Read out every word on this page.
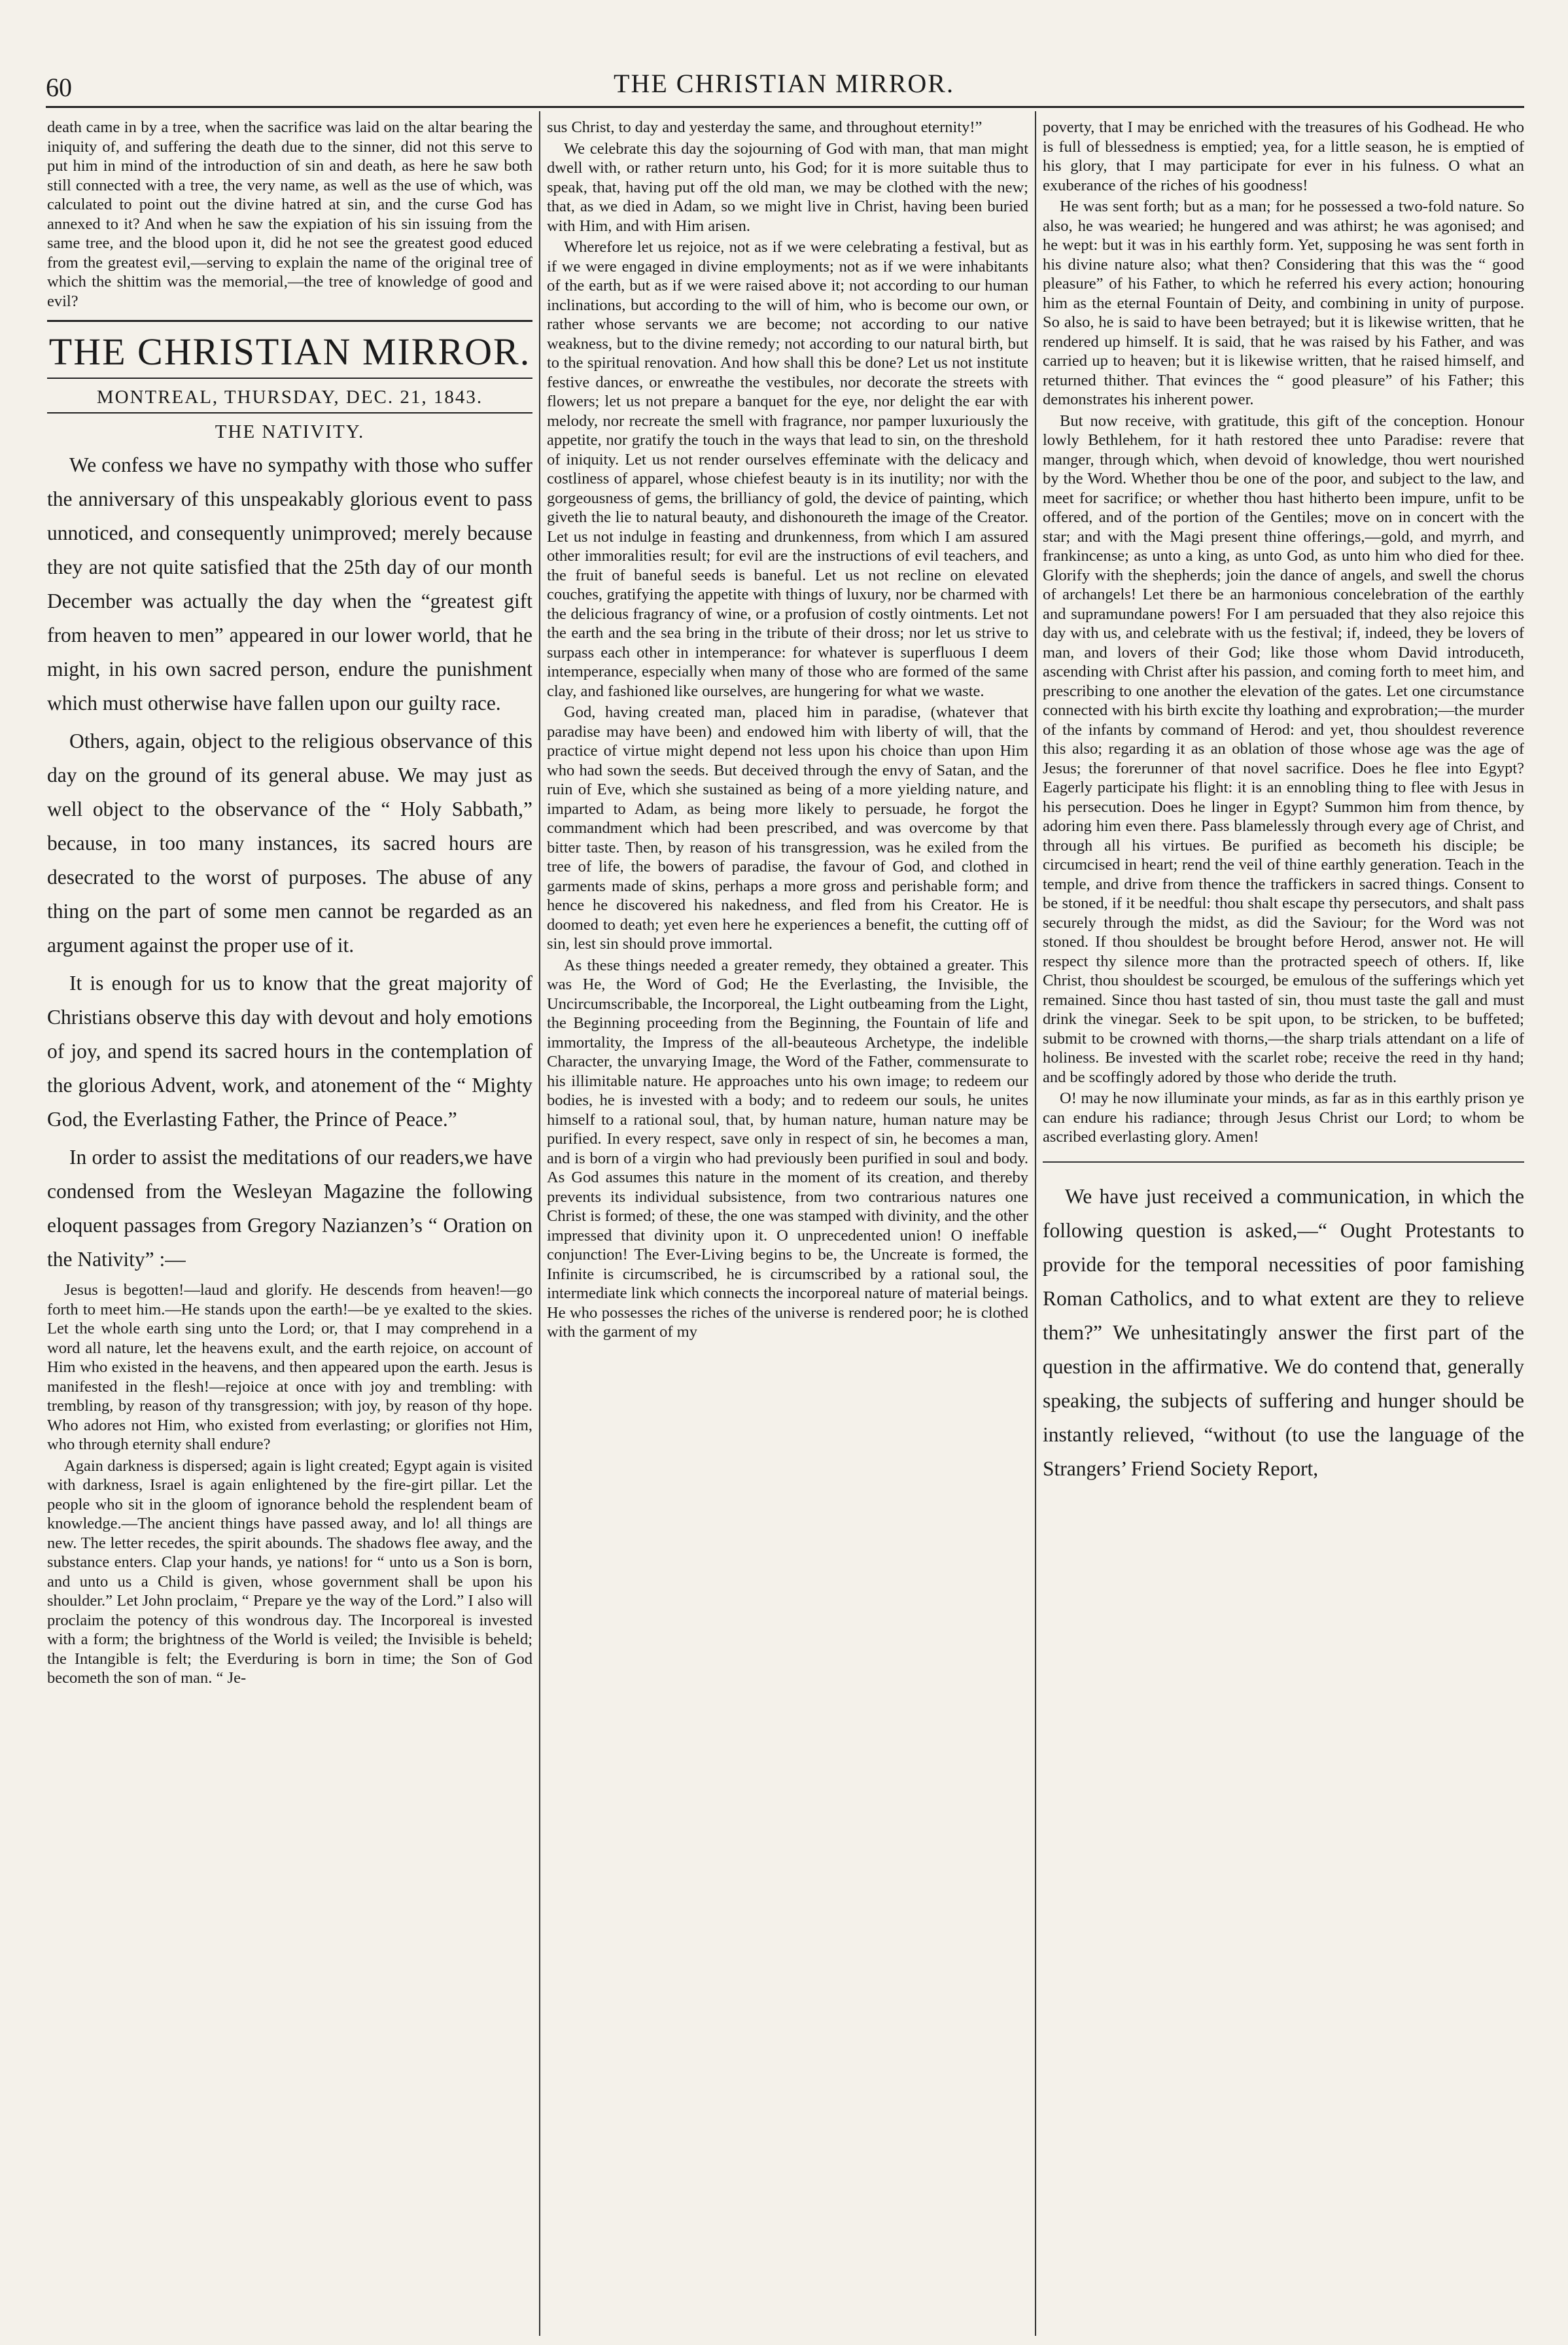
60	THE CHRISTIAN MIRROR.

death came in by a tree, when the sacrifice was laid on the altar bearing the iniquity of, and suffering the death due to the sinner, did not this serve to put him in mind of the introduction of sin and death, as here he saw both still connected with a tree, the very name, as well as the use of which, was calculated to point out the divine hatred at sin, and the curse God has annexed to it? And when he saw the expiation of his sin issuing from the same tree, and the blood upon it, did he not see the greatest good educed from the greatest evil,—serving to explain the name of the original tree of which the shittim was the memorial,—the tree of knowledge of good and evil?

THE CHRISTIAN MIRROR.
MONTREAL, THURSDAY, DEC. 21, 1843.
THE NATIVITY.

We confess we have no sympathy with those who suffer the anniversary of this unspeakably glorious event to pass unnoticed, and consequently unimproved; merely because they are not quite satisfied that the 25th day of our month December was actually the day when the “greatest gift from heaven to men” appeared in our lower world, that he might, in his own sacred person, endure the punishment which must otherwise have fallen upon our guilty race.

Others, again, object to the religious observance of this day on the ground of its general abuse. We may just as well object to the observance of the “ Holy Sabbath,” because, in too many instances, its sacred hours are desecrated to the worst of purposes. The abuse of any thing on the part of some men cannot be regarded as an argument against the proper use of it.

It is enough for us to know that the great majority of Christians observe this day with devout and holy emotions of joy, and spend its sacred hours in the contemplation of the glorious Advent, work, and atonement of the “ Mighty God, the Everlasting Father, the Prince of Peace.”

In order to assist the meditations of our readers,we have condensed from the Wesleyan Magazine the following eloquent passages from Gregory Nazianzen’s “ Oration on the Nativity” :—

Jesus is begotten!—laud and glorify. He descends from heaven!—go forth to meet him.—He stands upon the earth!—be ye exalted to the skies. Let the whole earth sing unto the Lord; or, that I may comprehend in a word all nature, let the heavens exult, and the earth rejoice, on account of Him who existed in the heavens, and then appeared upon the earth. Jesus is manifested in the flesh!—rejoice at once with joy and trembling: with trembling, by reason of thy transgression; with joy, by reason of thy hope. Who adores not Him, who existed from everlasting; or glorifies not Him, who through eternity shall endure?

Again darkness is dispersed; again is light created; Egypt again is visited with darkness, Israel is again enlightened by the fire-girt pillar. Let the people who sit in the gloom of ignorance behold the resplendent beam of knowledge.—The ancient things have passed away, and lo! all things are new. The letter recedes, the spirit abounds. The shadows flee away, and the substance enters. Clap your hands, ye nations! for “ unto us a Son is born, and unto us a Child is given, whose government shall be upon his shoulder.” Let John proclaim, “ Prepare ye the way of the Lord.” I also will proclaim the potency of this wondrous day. The Incorporeal is invested with a form; the brightness of the World is veiled; the Invisible is beheld; the Intangible is felt; the Everduring is born in time; the Son of God becometh the son of man. “ Je-

sus Christ, to day and yesterday the same, and throughout eternity!”

We celebrate this day the sojourning of God with man, that man might dwell with, or rather return unto, his God; for it is more suitable thus to speak, that, having put off the old man, we may be clothed with the new; that, as we died in Adam, so we might live in Christ, having been buried with Him, and with Him arisen.

Wherefore let us rejoice, not as if we were celebrating a festival, but as if we were engaged in divine employments; not as if we were inhabitants of the earth, but as if we were raised above it; not according to our human inclinations, but according to the will of him, who is become our own, or rather whose servants we are become; not according to our native weakness, but to the divine remedy; not according to our natural birth, but to the spiritual renovation. And how shall this be done? Let us not institute festive dances, or enwreathe the vestibules, nor decorate the streets with flowers; let us not prepare a banquet for the eye, nor delight the ear with melody, nor recreate the smell with fragrance, nor pamper luxuriously the appetite, nor gratify the touch in the ways that lead to sin, on the threshold of iniquity. Let us not render ourselves effeminate with the delicacy and costliness of apparel, whose chiefest beauty is in its inutility; nor with the gorgeousness of gems, the brilliancy of gold, the device of painting, which giveth the lie to natural beauty, and dishonoureth the image of the Creator. Let us not indulge in feasting and drunkenness, from which I am assured other immoralities result; for evil are the instructions of evil teachers, and the fruit of baneful seeds is baneful. Let us not recline on elevated couches, gratifying the appetite with things of luxury, nor be charmed with the delicious fragrancy of wine, or a profusion of costly ointments. Let not the earth and the sea bring in the tribute of their dross; nor let us strive to surpass each other in intemperance: for whatever is superfluous I deem intemperance, especially when many of those who are formed of the same clay, and fashioned like ourselves, are hungering for what we waste.

God, having created man, placed him in paradise, (whatever that paradise may have been) and endowed him with liberty of will, that the practice of virtue might depend not less upon his choice than upon Him who had sown the seeds. But deceived through the envy of Satan, and the ruin of Eve, which she sustained as being of a more yielding nature, and imparted to Adam, as being more likely to persuade, he forgot the commandment which had been prescribed, and was overcome by that bitter taste. Then, by reason of his transgression, was he exiled from the tree of life, the bowers of paradise, the favour of God, and clothed in garments made of skins, perhaps a more gross and perishable form; and hence he discovered his nakedness, and fled from his Creator. He is doomed to death; yet even here he experiences a benefit, the cutting off of sin, lest sin should prove immortal.

As these things needed a greater remedy, they obtained a greater. This was He, the Word of God; He the Everlasting, the Invisible, the Uncircumscribable, the Incorporeal, the Light outbeaming from the Light, the Beginning proceeding from the Beginning, the Fountain of life and immortality, the Impress of the all-beauteous Archetype, the indelible Character, the unvarying Image, the Word of the Father, commensurate to his illimitable nature. He approaches unto his own image; to redeem our bodies, he is invested with a body; and to redeem our souls, he unites himself to a rational soul, that, by human nature, human nature may be purified. In every respect, save only in respect of sin, he becomes a man, and is born of a virgin who had previously been purified in soul and body. As God assumes this nature in the moment of its creation, and thereby prevents its individual subsistence, from two contrarious natures one Christ is formed; of these, the one was stamped with divinity, and the other impressed that divinity upon it. O unprecedented union! O ineffable conjunction! The Ever-Living begins to be, the Uncreate is formed, the Infinite is circumscribed, he is circumscribed by a rational soul, the intermediate link which connects the incorporeal nature of material beings. He who possesses the riches of the universe is rendered poor; he is clothed with the garment of my

poverty, that I may be enriched with the treasures of his Godhead. He who is full of blessedness is emptied; yea, for a little season, he is emptied of his glory, that I may participate for ever in his fulness. O what an exuberance of the riches of his goodness!

He was sent forth; but as a man; for he possessed a two-fold nature. So also, he was wearied; he hungered and was athirst; he was agonised; and he wept: but it was in his earthly form. Yet, supposing he was sent forth in his divine nature also; what then? Considering that this was the “ good pleasure” of his Father, to which he referred his every action; honouring him as the eternal Fountain of Deity, and combining in unity of purpose. So also, he is said to have been betrayed; but it is likewise written, that he rendered up himself. It is said, that he was raised by his Father, and was carried up to heaven; but it is likewise written, that he raised himself, and returned thither. That evinces the “ good pleasure” of his Father; this demonstrates his inherent power.

But now receive, with gratitude, this gift of the conception. Honour lowly Bethlehem, for it hath restored thee unto Paradise: revere that manger, through which, when devoid of knowledge, thou wert nourished by the Word. Whether thou be one of the poor, and subject to the law, and meet for sacrifice; or whether thou hast hitherto been impure, unfit to be offered, and of the portion of the Gentiles; move on in concert with the star; and with the Magi present thine offerings,—gold, and myrrh, and frankincense; as unto a king, as unto God, as unto him who died for thee. Glorify with the shepherds; join the dance of angels, and swell the chorus of archangels! Let there be an harmonious concelebration of the earthly and supramundane powers! For I am persuaded that they also rejoice this day with us, and celebrate with us the festival; if, indeed, they be lovers of man, and lovers of their God; like those whom David introduceth, ascending with Christ after his passion, and coming forth to meet him, and prescribing to one another the elevation of the gates. Let one circumstance connected with his birth excite thy loathing and exprobration;—the murder of the infants by command of Herod: and yet, thou shouldest reverence this also; regarding it as an oblation of those whose age was the age of Jesus; the forerunner of that novel sacrifice. Does he flee into Egypt? Eagerly participate his flight: it is an ennobling thing to flee with Jesus in his persecution. Does he linger in Egypt? Summon him from thence, by adoring him even there. Pass blamelessly through every age of Christ, and through all his virtues. Be purified as becometh his disciple; be circumcised in heart; rend the veil of thine earthly generation. Teach in the temple, and drive from thence the traffickers in sacred things. Consent to be stoned, if it be needful: thou shalt escape thy persecutors, and shalt pass securely through the midst, as did the Saviour; for the Word was not stoned. If thou shouldest be brought before Herod, answer not. He will respect thy silence more than the protracted speech of others. If, like Christ, thou shouldest be scourged, be emulous of the sufferings which yet remained. Since thou hast tasted of sin, thou must taste the gall and must drink the vinegar. Seek to be spit upon, to be stricken, to be buffeted; submit to be crowned with thorns,—the sharp trials attendant on a life of holiness. Be invested with the scarlet robe; receive the reed in thy hand; and be scoffingly adored by those who deride the truth.

O! may he now illuminate your minds, as far as in this earthly prison ye can endure his radiance; through Jesus Christ our Lord; to whom be ascribed everlasting glory. Amen!

We have just received a communication, in which the following question is asked,—“ Ought Protestants to provide for the temporal necessities of poor famishing Roman Catholics, and to what extent are they to relieve them?” We unhesitatingly answer the first part of the question in the affirmative. We do contend that, generally speaking, the subjects of suffering and hunger should be instantly relieved, “without (to use the language of the Strangers’ Friend Society Report,
